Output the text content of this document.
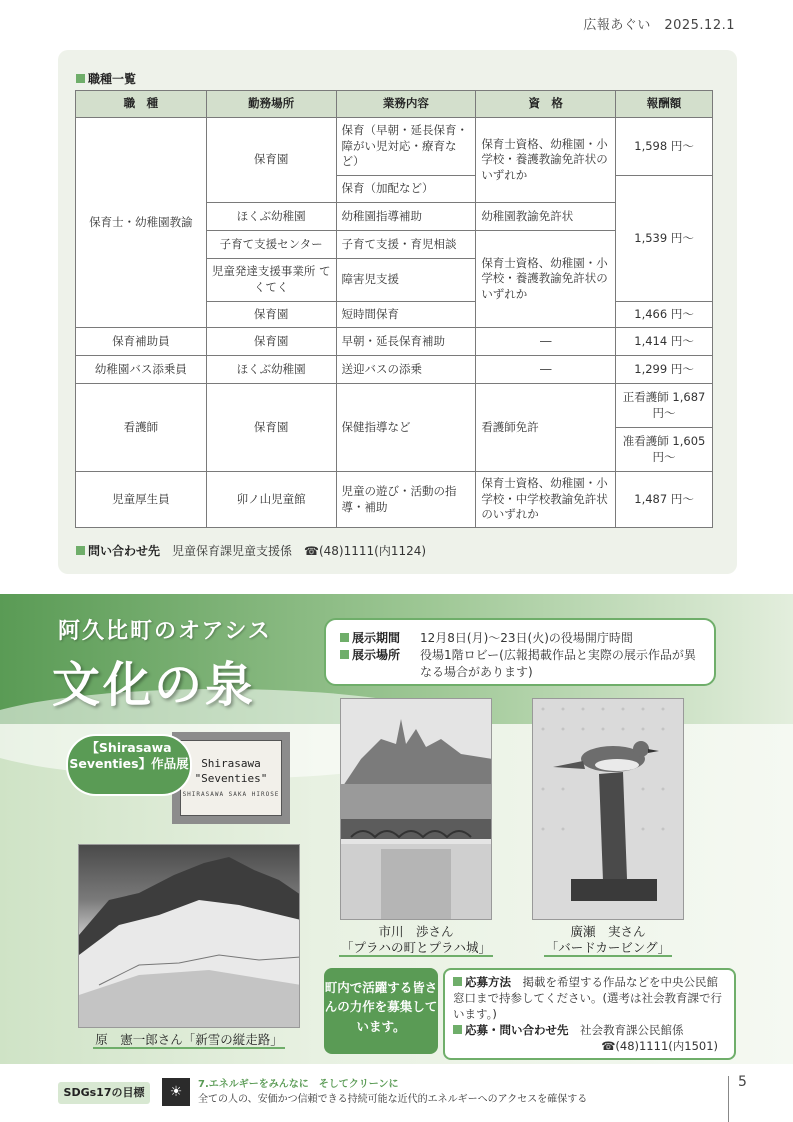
広報あぐい　2025.12.1
職種一覧
職　種	勤務場所	業務内容	資　格	報酬額
保育士・幼稚園教諭	保育園	保育（早朝・延長保育・障がい児対応・療育など）	保育士資格、幼稚園・小学校・養護教諭免許状のいずれか	1,598 円～
		保育（加配など）		1,539 円～
	ほくぶ幼稚園	幼稚園指導補助	幼稚園教諭免許状	
	子育て支援センター	子育て支援・育児相談	保育士資格、幼稚園・小学校・養護教諭免許状のいずれか	
	児童発達支援事業所 てくてく	障害児支援		
	保育園	短時間保育		1,466 円～
保育補助員	保育園	早朝・延長保育補助	―	1,414 円～
幼稚園バス添乗員	ほくぶ幼稚園	送迎バスの添乗	―	1,299 円～
看護師	保育園	保健指導など	看護師免許	正看護師 1,687 円～
				准看護師 1,605 円～
児童厚生員	卯ノ山児童館	児童の遊び・活動の指導・補助	保育士資格、幼稚園・小学校・中学校教諭免許状のいずれか	1,487 円～
問い合わせ先　 児童保育課児童支援係　☎(48)1111(内1124)
阿久比町のオアシス
文化の泉
展示期間	12月8日(月)～23日(火)の役場開庁時間
展示場所	役場1階ロビー(広報掲載作品と実際の展示作品が異なる場合があります)
Shirasawa "Seventies"
SHIRASAWA SAKA HIROSE
【Shirasawa Seventies】作品展
市川　渉さん
「プラハの町とプラハ城」
廣瀬　実さん
「バードカービング」
原　憲一郎さん「新雪の縦走路」
町内で活躍する皆さんの力作を募集しています。
応募方法　 掲載を希望する作品などを中央公民館窓口まで持参してください。(選考は社会教育課で行います。)
応募・問い合わせ先　 社会教育課公民館係
☎(48)1111(内1501)
SDGs17の目標	☀	7.エネルギーをみんなに　そしてクリーンに
全ての人の、安価かつ信頼できる持続可能な近代的エネルギーへのアクセスを確保する
5
